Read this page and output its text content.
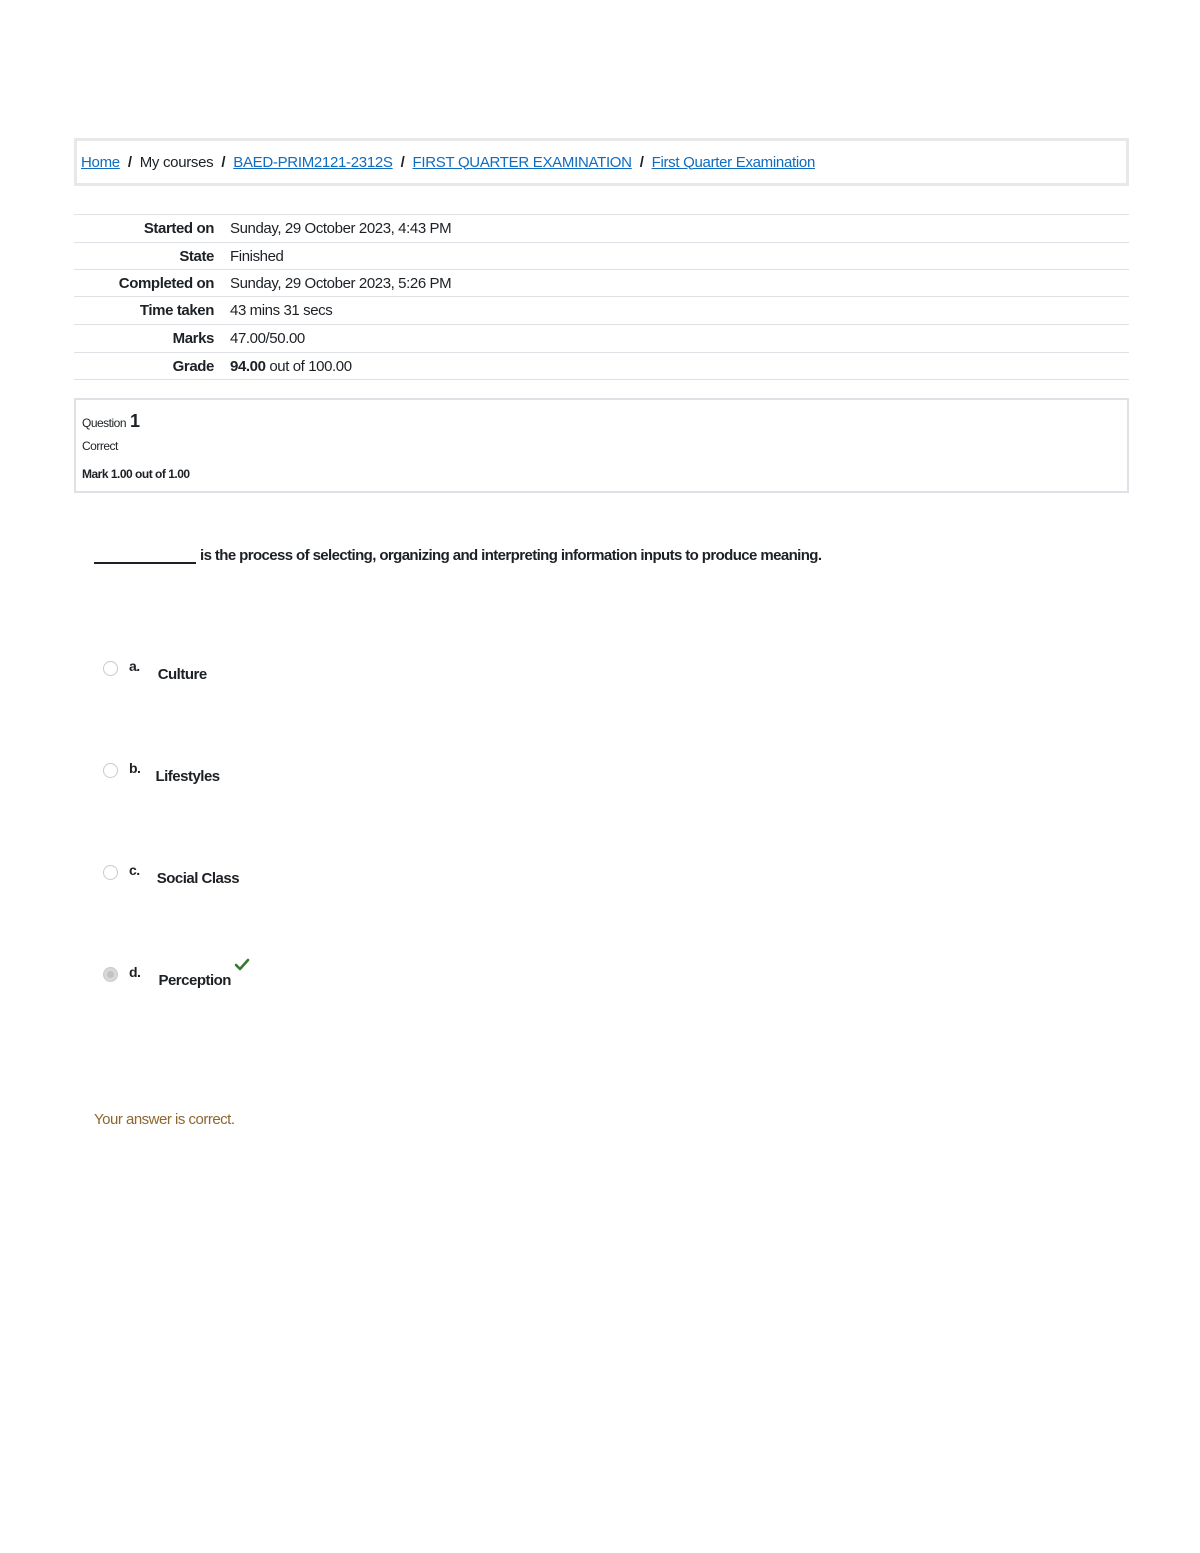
Home / My courses / BAED-PRIM2121-2312S / FIRST QUARTER EXAMINATION / First Quarter Examination
Started on	Sunday, 29 October 2023, 4:43 PM
State	Finished
Completed on	Sunday, 29 October 2023, 5:26 PM
Time taken	43 mins 31 secs
Marks	47.00/50.00
Grade	94.00 out of 100.00
Question 1
Correct
Mark 1.00 out of 1.00
is the process of selecting, organizing and interpreting information inputs to produce meaning.
a. Culture
b. Lifestyles
c. Social Class
d. Perception
Your answer is correct.
